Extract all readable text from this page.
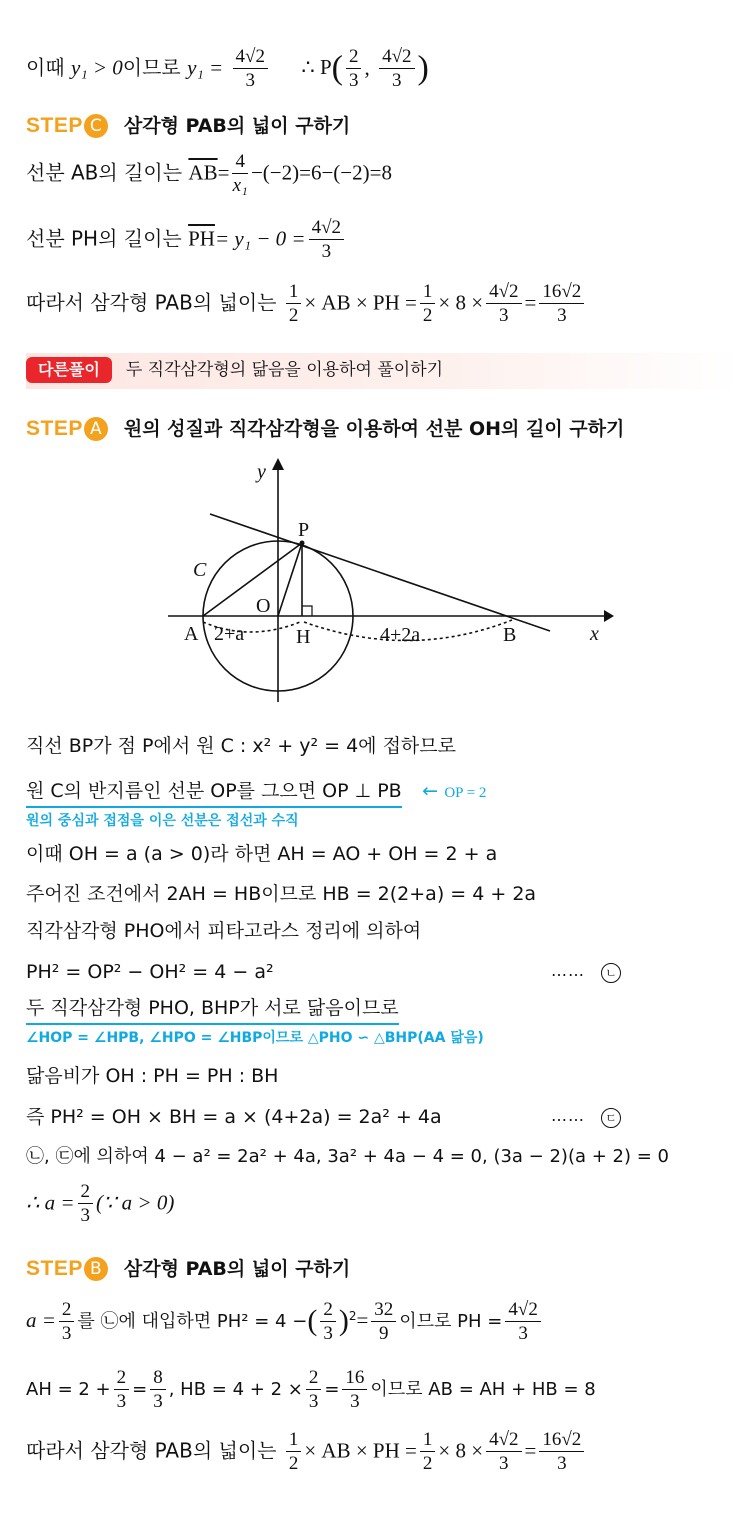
이때 y₁ > 0이므로 $y_1 = \frac{4√2}{3}$ ∴ $P( \frac{2}{3}$ , $\frac{4√2}{3}$ )
STEP C 삼각형 PAB의 넓이 구하기
선분 AB의 길이는 $\overline{AB}= \frac{4}{\text{x₁}} -(-2)=6-(-2)=8$
선분 PH의 길이는 $\overline{PH}= y_1 - 0 = \frac{4√2}{3}$
따라서 삼각형 PAB의 넓이는 $\frac{1}{2}$ × AB × PH = $\frac{1}{2} \times 8 \times \frac{4√2}{3} = \frac{16√2}{3}$
다른풀이 두 직각삼각형의 닮음을 이용하여 풀이하기
STEP A 원의 성질과 직각삼각형을 이용하여 선분 OH의 길이 구하기
y
x
P
C
O
A	H	B
2+a	4+2a
직선 BP가 점 P에서 원 C : x² + y² = 4에 접하므로
원 C의 반지름인 선분 OP를 그으면 OP ⊥ PB ← OP = 2
원의 중심과 접점을 이은 선분은 접선과 수직
이때 OH = a (a > 0)라 하면 AH = AO + OH = 2 + a
주어진 조건에서 2AH = HB이므로 HB = 2(2+a) = 4 + 2a
직각삼각형 PHO에서 피타고라스 정리에 의하여
PH² = OP² − OH² = 4 − a²	……	ㄴ
두 직각삼각형 PHO, BHP가 서로 닮음이므로
∠HOP = ∠HPB, ∠HPO = ∠HBP이므로 △PHO ∽ △BHP(AA 닮음)
닮음비가 OH : PH = PH : BH
즉 PH² = OH × BH = a × (4+2a) = 2a² + 4a	……	ㄷ
㉡, ㉢에 의하여 4 − a² = 2a² + 4a, 3a² + 4a − 4 = 0, (3a − 2)(a + 2) = 0
∴ $a = \frac{2}{3}$ (∵ a > 0)
STEP B 삼각형 PAB의 넓이 구하기
$a = \frac{2}{3}$ 를 ㉡에 대입하면 PH² = 4 −( $\frac{2}{3} )^2= \frac{32}{9}$ 이므로 PH = $\frac{4√2}{3}$
AH = $2 + \frac{2}{3} = \frac{8}{3}$ , HB = $4 + 2 \times \frac{2}{3} = \frac{16}{3}$ 이므로 AB = AH + HB = 8
따라서 삼각형 PAB의 넓이는 $\frac{1}{2}$ × AB × PH = $\frac{1}{2} \times 8 \times \frac{4√2}{3} = \frac{16√2}{3}$
